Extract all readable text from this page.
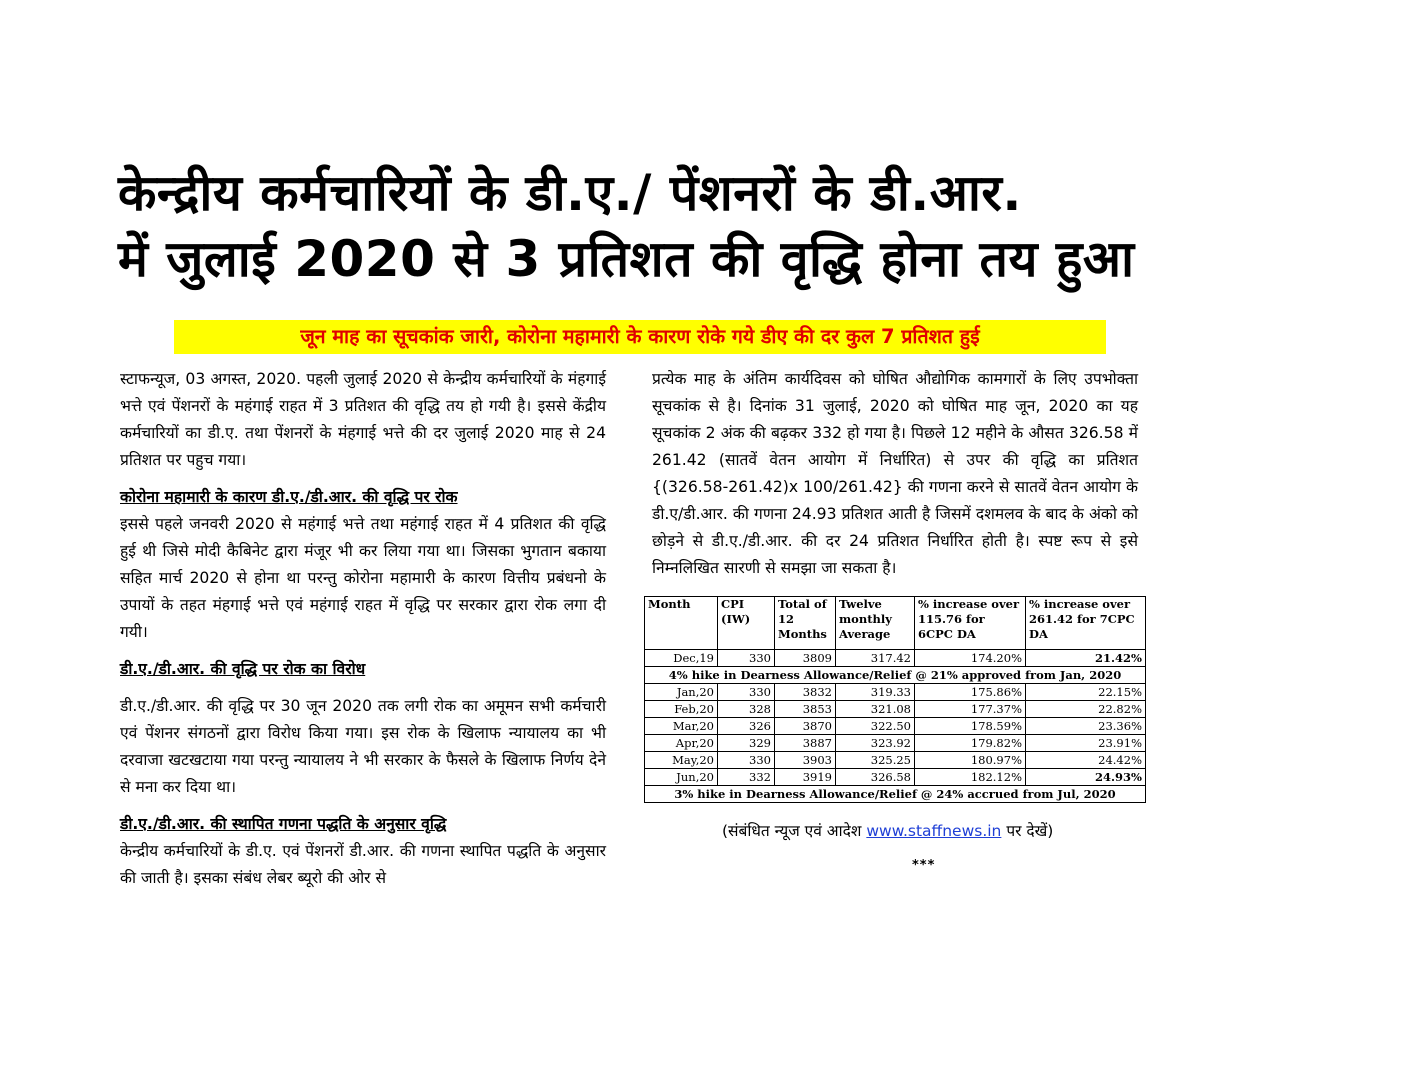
केन्द्रीय कर्मचारियों के डी.ए./ पेंशनरों के डी.आर.
में जुलाई 2020 से 3 प्रतिशत की वृद्धि होना तय हुआ
जून माह का सूचकांक जारी, कोरोना महामारी के कारण रोके गये डीए की दर कुल 7 प्रतिशत हुई

स्टाफन्यूज, 03 अगस्त, 2020. पहली जुलाई 2020 से केन्द्रीय कर्मचारियों के मंहगाई भत्ते एवं पेंशनरों के महंगाई राहत में 3 प्रतिशत की वृद्धि तय हो गयी है। इससे केंद्रीय कर्मचारियों का डी.ए. तथा पेंशनरों के मंहगाई भत्ते की दर जुलाई 2020 माह से 24 प्रतिशत पर पहुच गया।

कोरोना महामारी के कारण डी.ए./डी.आर. की वृद्धि पर रोक

इससे पहले जनवरी 2020 से महंगाई भत्ते तथा महंगाई राहत में 4 प्रतिशत की वृद्धि हुई थी जिसे मोदी कैबिनेट द्वारा मंजूर भी कर लिया गया था। जिसका भुगतान बकाया सहित मार्च 2020 से होना था परन्तु कोरोना महामारी के कारण वित्तीय प्रबंधनो के उपायों के तहत मंहगाई भत्ते एवं महंगाई राहत में वृद्धि पर सरकार द्वारा रोक लगा दी गयी।

डी.ए./डी.आर. की वृद्धि पर रोक का विरोध

डी.ए./डी.आर. की वृद्धि पर 30 जून 2020 तक लगी रोक का अमूमन सभी कर्मचारी एवं पेंशनर संगठनों द्वारा विरोध किया गया। इस रोक के खिलाफ न्यायालय का भी दरवाजा खटखटाया गया परन्तु न्यायालय ने भी सरकार के फैसले के खिलाफ निर्णय देने से मना कर दिया था।

डी.ए./डी.आर. की स्थापित गणना पद्धति के अनुसार वृद्धि

केन्द्रीय कर्मचारियों के डी.ए. एवं पेंशनरों डी.आर. की गणना स्थापित पद्धति के अनुसार की जाती है। इसका संबंध लेबर ब्यूरो की ओर से

प्रत्येक माह के अंतिम कार्यदिवस को घोषित औद्योगिक कामगारों के लिए उपभोक्ता सूचकांक से है। दिनांक 31 जुलाई, 2020 को घोषित माह जून, 2020 का यह सूचकांक 2 अंक की बढ़कर 332 हो गया है। पिछले 12 महीने के औसत 326.58 में 261.42 (सातवें वेतन आयोग में निर्धारित) से उपर की वृद्धि का प्रतिशत {(326.58-261.42)x 100/261.42} की गणना करने से सातवें वेतन आयोग के डी.ए/डी.आर. की गणना 24.93 प्रतिशत आती है जिसमें दशमलव के बाद के अंको को छोड़ने से डी.ए./डी.आर. की दर 24 प्रतिशत निर्धारित होती है। स्पष्ट रूप से इसे निम्नलिखित सारणी से समझा जा सकता है।

Month	CPI (IW)	Total of 12 Months	Twelve monthly Average	% increase over 115.76 for 6CPC DA	% increase over 261.42 for 7CPC DA
Dec,19	330	3809	317.42	174.20%	21.42%
4% hike in Dearness Allowance/Relief @ 21% approved from Jan, 2020					
Jan,20	330	3832	319.33	175.86%	22.15%
Feb,20	328	3853	321.08	177.37%	22.82%
Mar,20	326	3870	322.50	178.59%	23.36%
Apr,20	329	3887	323.92	179.82%	23.91%
May,20	330	3903	325.25	180.97%	24.42%
Jun,20	332	3919	326.58	182.12%	24.93%
3% hike in Dearness Allowance/Relief @ 24% accrued from Jul, 2020					
(संबंधित न्यूज एवं आदेश www.staffnews.in पर देखें)
***
